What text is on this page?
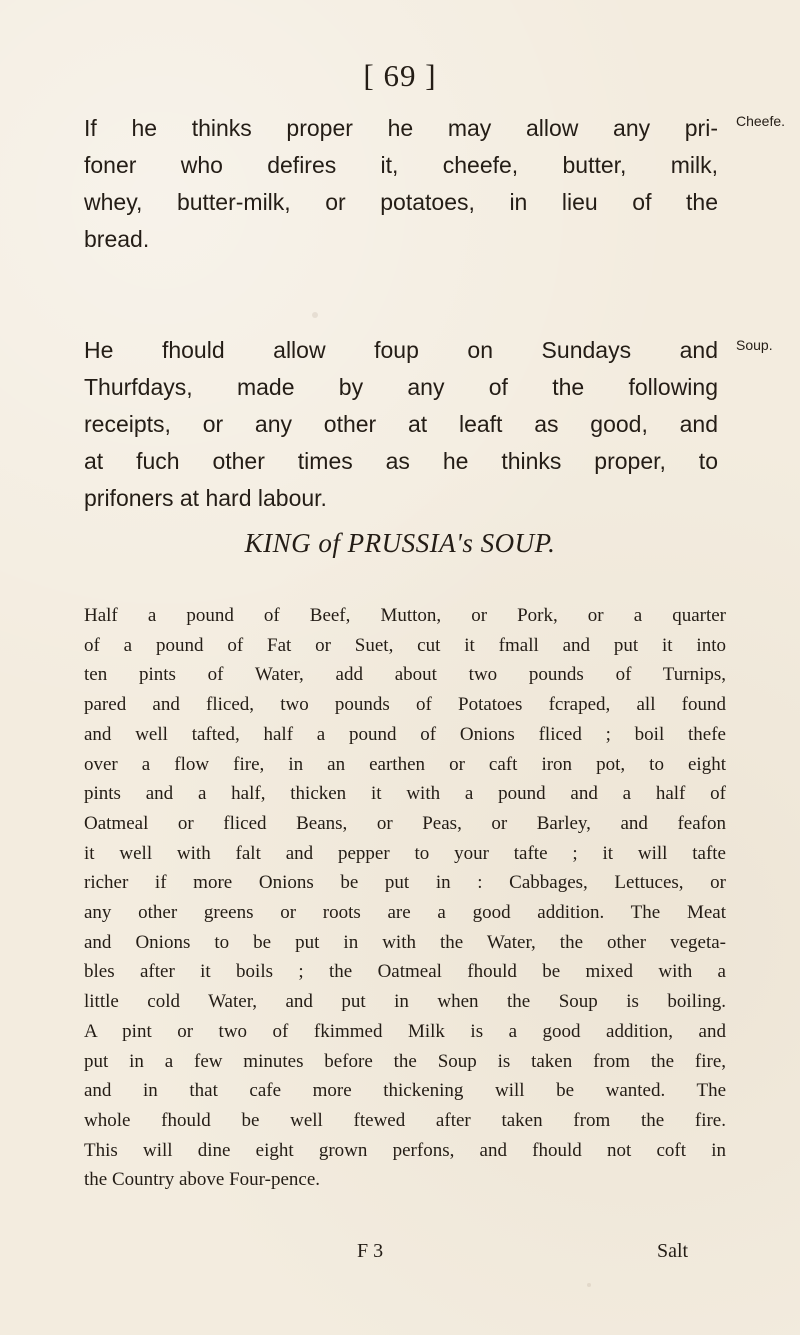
[ 69 ]
Cheefe.
Soup.
If he thinks proper he may allow any pri-
foner who defires it, cheefe, butter, milk,
whey, butter-milk, or potatoes, in lieu of the
bread.
He fhould allow foup on Sundays and
Thurfdays, made by any of the following
receipts, or any other at leaft as good, and
at fuch other times as he thinks proper, to
prifoners at hard labour.
KING of PRUSSIA's SOUP.
Half a pound of Beef, Mutton, or Pork, or a quarter
of a pound of Fat or Suet, cut it fmall and put it into
ten pints of Water, add about two pounds of Turnips,
pared and fliced, two pounds of Potatoes fcraped, all found
and well tafted, half a pound of Onions fliced ; boil thefe
over a flow fire, in an earthen or caft iron pot, to eight
pints and a half, thicken it with a pound and a half of
Oatmeal or fliced Beans, or Peas, or Barley, and feafon
it well with falt and pepper to your tafte ; it will tafte
richer if more Onions be put in : Cabbages, Lettuces, or
any other greens or roots are a good addition. The Meat
and Onions to be put in with the Water, the other vegeta-
bles after it boils ; the Oatmeal fhould be mixed with a
little cold Water, and put in when the Soup is boiling.
A pint or two of fkimmed Milk is a good addition, and
put in a few minutes before the Soup is taken from the fire,
and in that cafe more thickening will be wanted. The
whole fhould be well ftewed after taken from the fire.
This will dine eight grown perfons, and fhould not coft in
the Country above Four-pence.
F 3	Salt
